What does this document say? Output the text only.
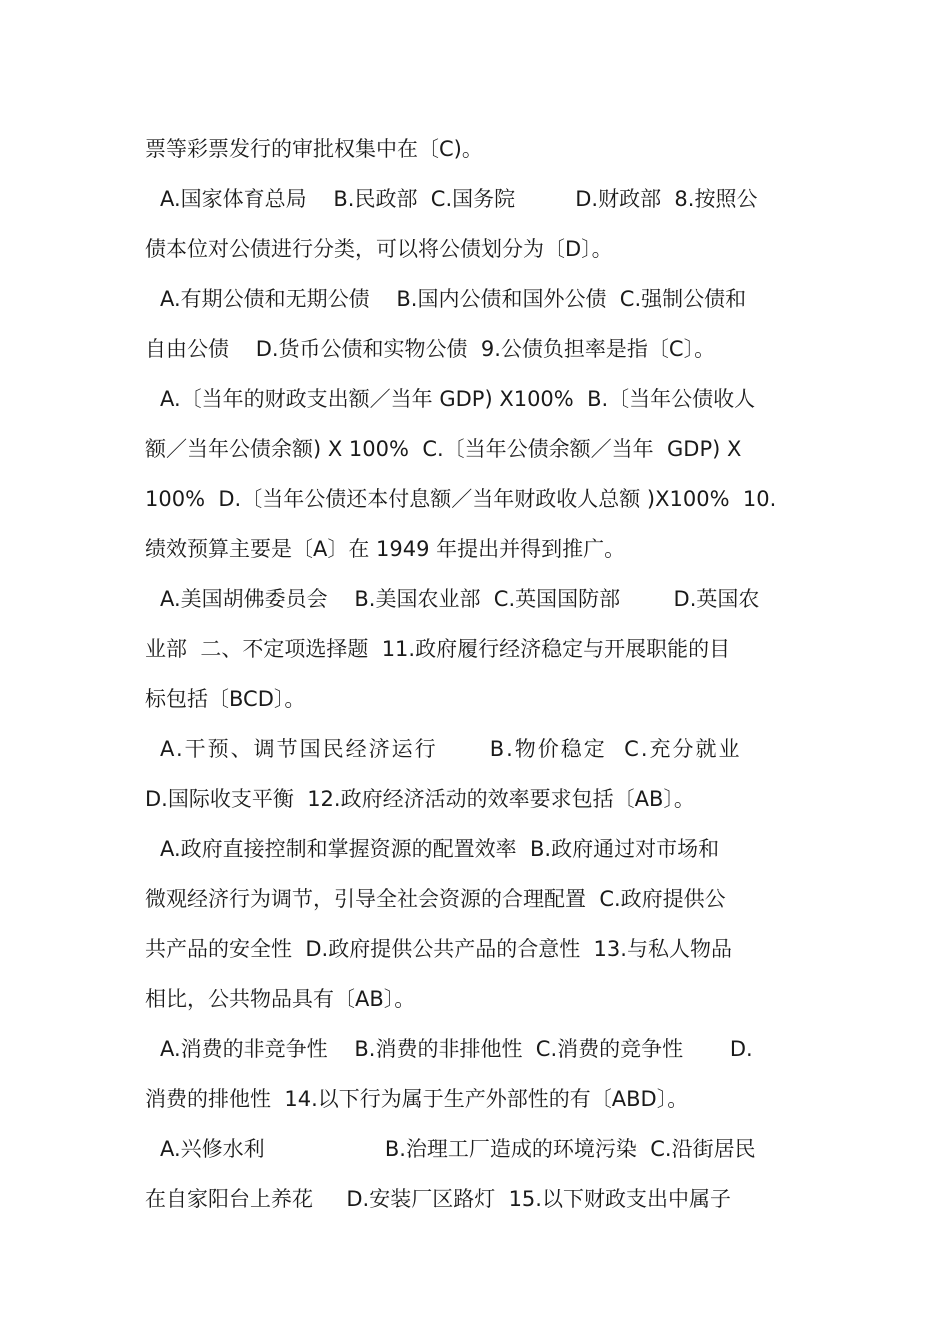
票等彩票发行的审批权集中在〔C)。
A.国家体育总局    B.民政部  C.国务院         D.财政部  8.按照公
债本位对公债进行分类，可以将公债划分为〔D〕。
A.有期公债和无期公债    B.国内公债和国外公债  C.强制公债和
自由公债    D.货币公债和实物公债  9.公债负担率是指〔C〕。
A.〔当年的财政支出额／当年 GDP) X100%  B.〔当年公债收人
额／当年公债余额) X 100%  C.〔当年公债余额／当年  GDP) X
100%  D.〔当年公债还本付息额／当年财政收人总额 )X100%  10.
绩效预算主要是〔A〕在 1949 年提出并得到推广。
A.美国胡佛委员会    B.美国农业部  C.英国国防部        D.英国农
业部  二、不定项选择题  11.政府履行经济稳定与开展职能的目
标包括〔BCD〕。
A.干预、调节国民经济运行      B.物价稳定  C.充分就业
D.国际收支平衡  12.政府经济活动的效率要求包括〔AB〕。
A.政府直接控制和掌握资源的配置效率  B.政府通过对市场和
微观经济行为调节，引导全社会资源的合理配置  C.政府提供公
共产品的安全性  D.政府提供公共产品的合意性  13.与私人物品
相比，公共物品具有〔AB〕。
A.消费的非竞争性    B.消费的非排他性  C.消费的竞争性       D.
消费的排他性  14.以下行为属于生产外部性的有〔ABD〕。
A.兴修水利                  B.治理工厂造成的环境污染  C.沿街居民
在自家阳台上养花     D.安装厂区路灯  15.以下财政支出中属子
